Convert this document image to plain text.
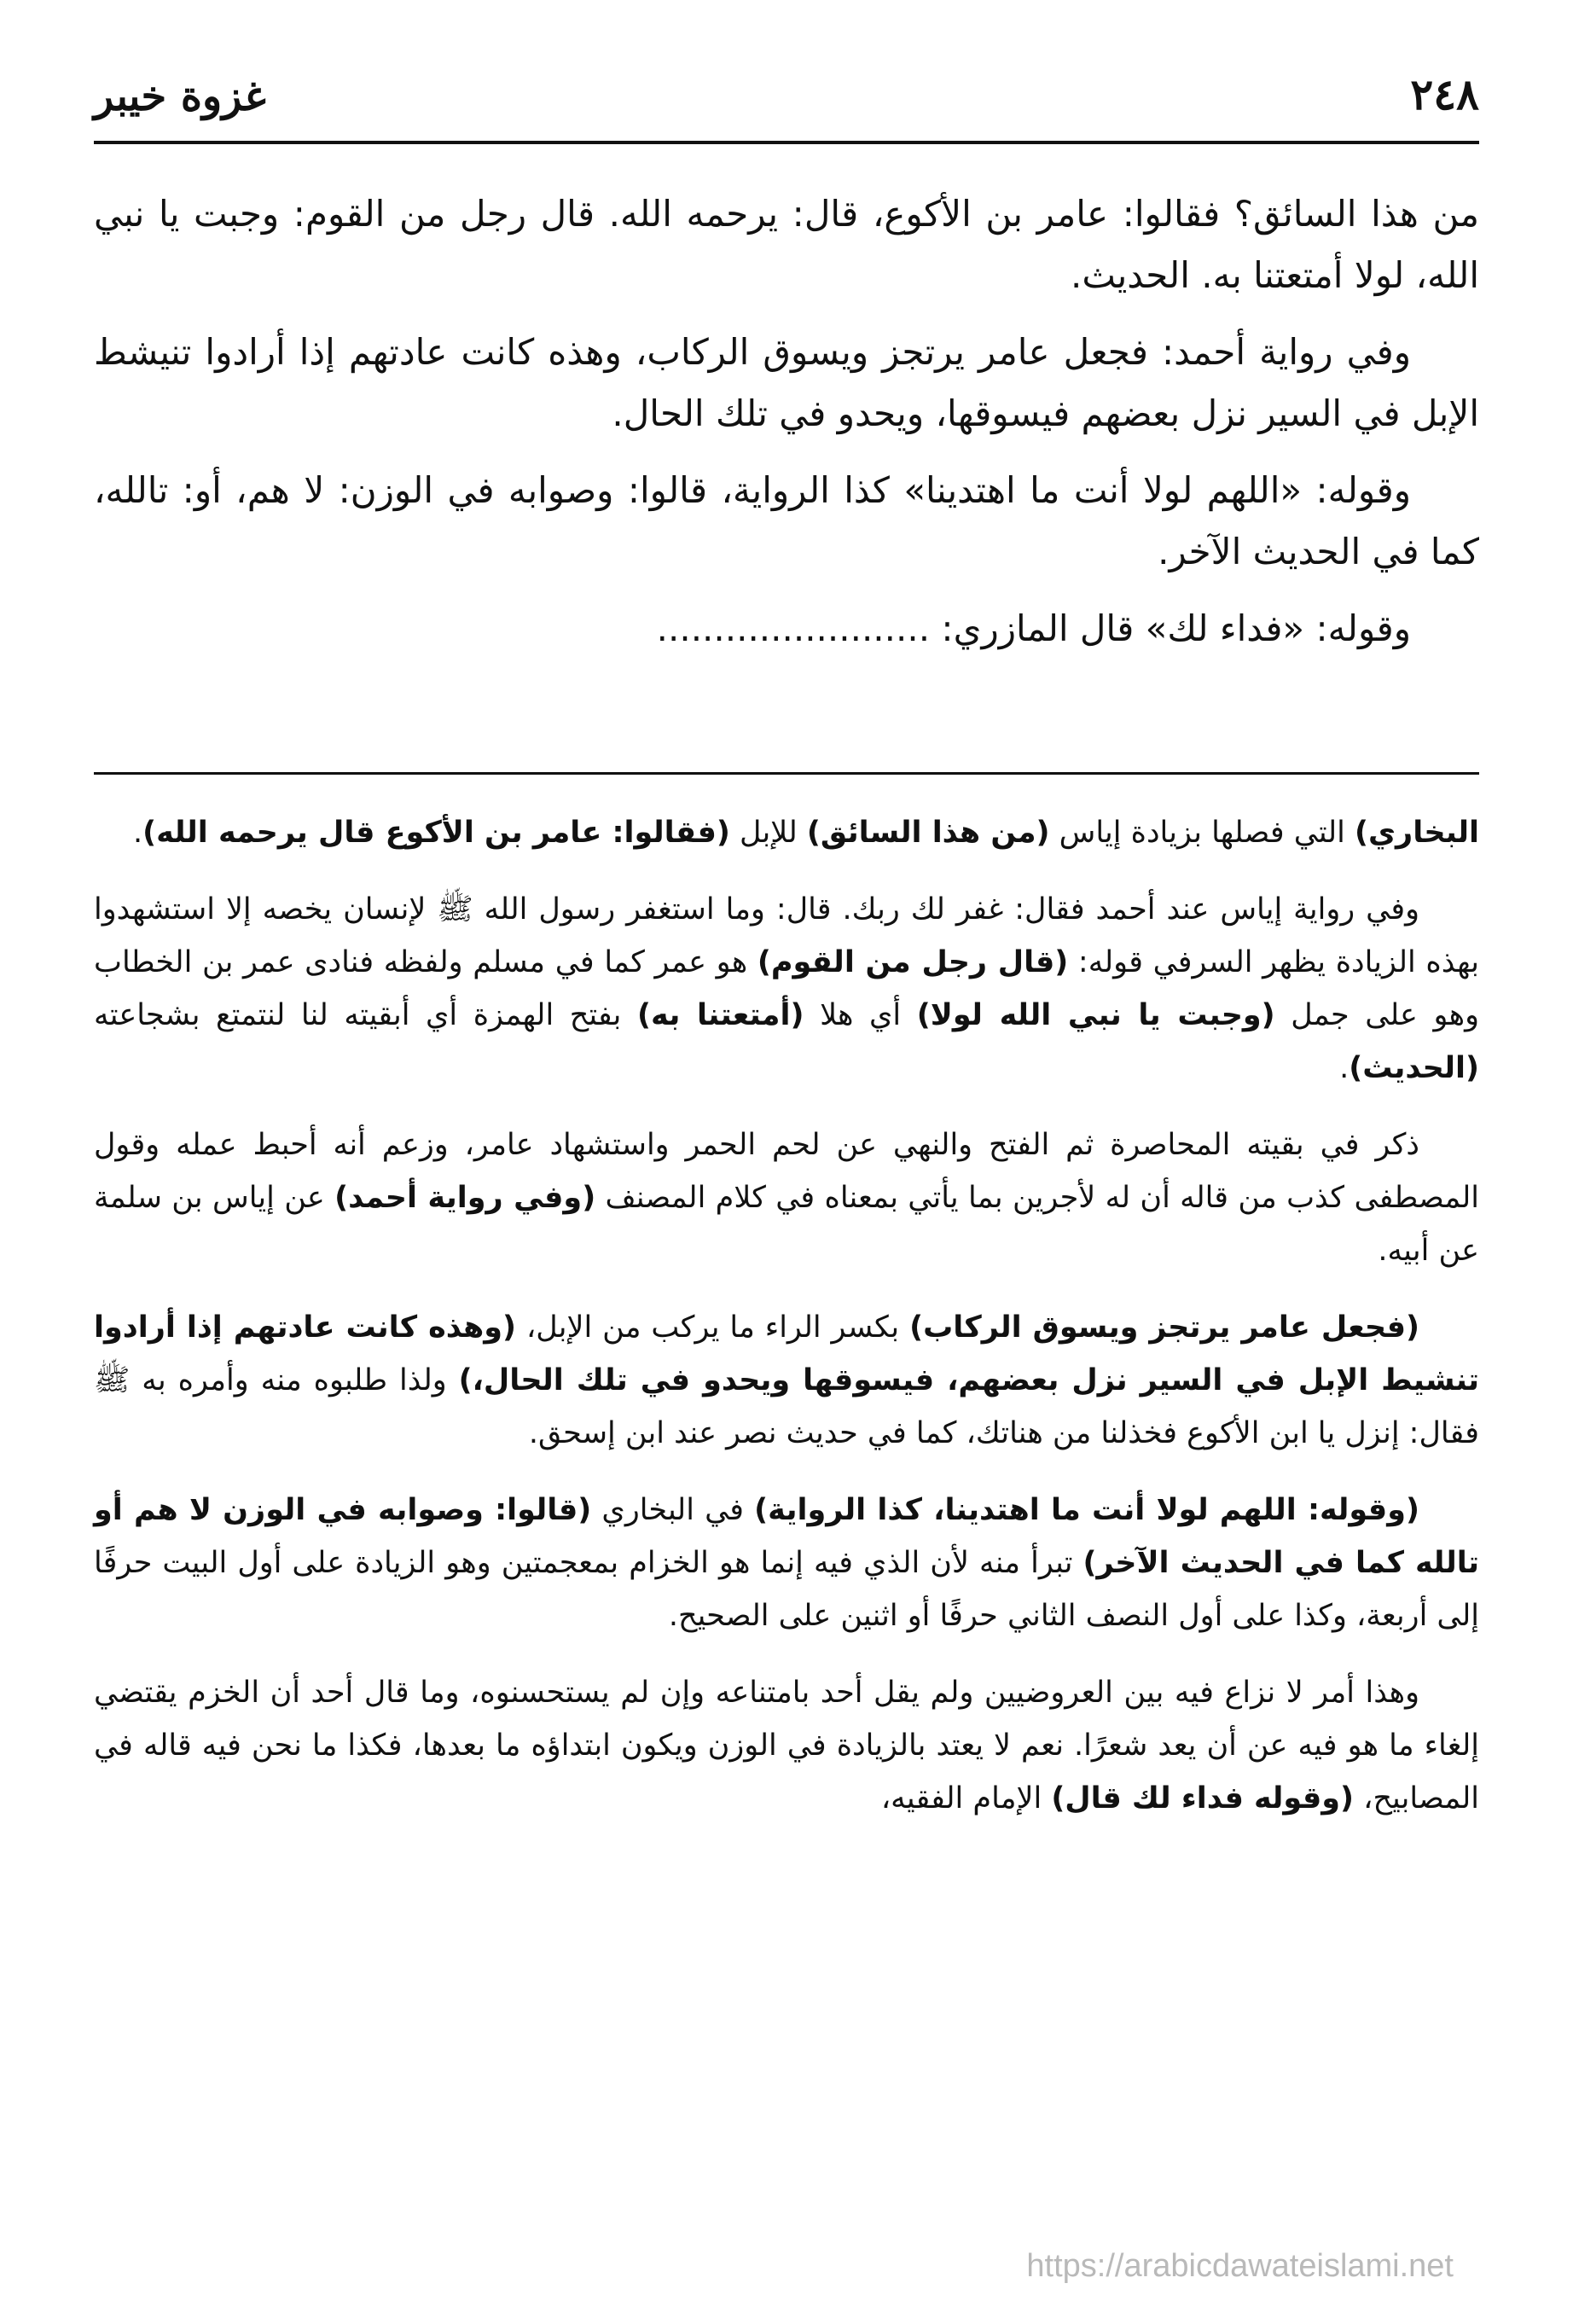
٢٤٨
غزوة خيبر

من هذا السائق؟ فقالوا: عامر بن الأكوع، قال: يرحمه الله. قال رجل من القوم: وجبت يا نبي الله، لولا أمتعتنا به. الحديث.

وفي رواية أحمد: فجعل عامر يرتجز ويسوق الركاب، وهذه كانت عادتهم إذا أرادوا تنيشط الإبل في السير نزل بعضهم فيسوقها، ويحدو في تلك الحال.

وقوله: «اللهم لولا أنت ما اهتدينا» كذا الرواية، قالوا: وصوابه في الوزن: لا هم، أو: تالله، كما في الحديث الآخر.

وقوله: «فداء لك» قال المازري: ........................

البخاري) التي فصلها بزيادة إياس (من هذا السائق) للإبل (فقالوا: عامر بن الأكوع قال يرحمه الله).

وفي رواية إياس عند أحمد فقال: غفر لك ربك. قال: وما استغفر رسول الله ﷺ لإنسان يخصه إلا استشهدوا بهذه الزيادة يظهر السرفي قوله: (قال رجل من القوم) هو عمر كما في مسلم ولفظه فنادى عمر بن الخطاب وهو على جمل (وجبت يا نبي الله لولا) أي هلا (أمتعتنا به) بفتح الهمزة أي أبقيته لنا لنتمتع بشجاعته (الحديث).

ذكر في بقيته المحاصرة ثم الفتح والنهي عن لحم الحمر واستشهاد عامر، وزعم أنه أحبط عمله وقول المصطفى كذب من قاله أن له لأجرين بما يأتي بمعناه في كلام المصنف (وفي رواية أحمد) عن إياس بن سلمة عن أبيه.

(فجعل عامر يرتجز ويسوق الركاب) بكسر الراء ما يركب من الإبل، (وهذه كانت عادتهم إذا أرادوا تنشيط الإبل في السير نزل بعضهم، فيسوقها ويحدو في تلك الحال،) ولذا طلبوه منه وأمره به ﷺ فقال: إنزل يا ابن الأكوع فخذلنا من هناتك، كما في حديث نصر عند ابن إسحق.

(وقوله: اللهم لولا أنت ما اهتدينا، كذا الرواية) في البخاري (قالوا: وصوابه في الوزن لا هم أو تالله كما في الحديث الآخر) تبرأ منه لأن الذي فيه إنما هو الخزام بمعجمتين وهو الزيادة على أول البيت حرفًا إلى أربعة، وكذا على أول النصف الثاني حرفًا أو اثنين على الصحيح.

وهذا أمر لا نزاع فيه بين العروضيين ولم يقل أحد بامتناعه وإن لم يستحسنوه، وما قال أحد أن الخزم يقتضي إلغاء ما هو فيه عن أن يعد شعرًا. نعم لا يعتد بالزيادة في الوزن ويكون ابتداؤه ما بعدها، فكذا ما نحن فيه قاله في المصابيح، (وقوله فداء لك قال) الإمام الفقيه،

https://arabicdawateislami.net
